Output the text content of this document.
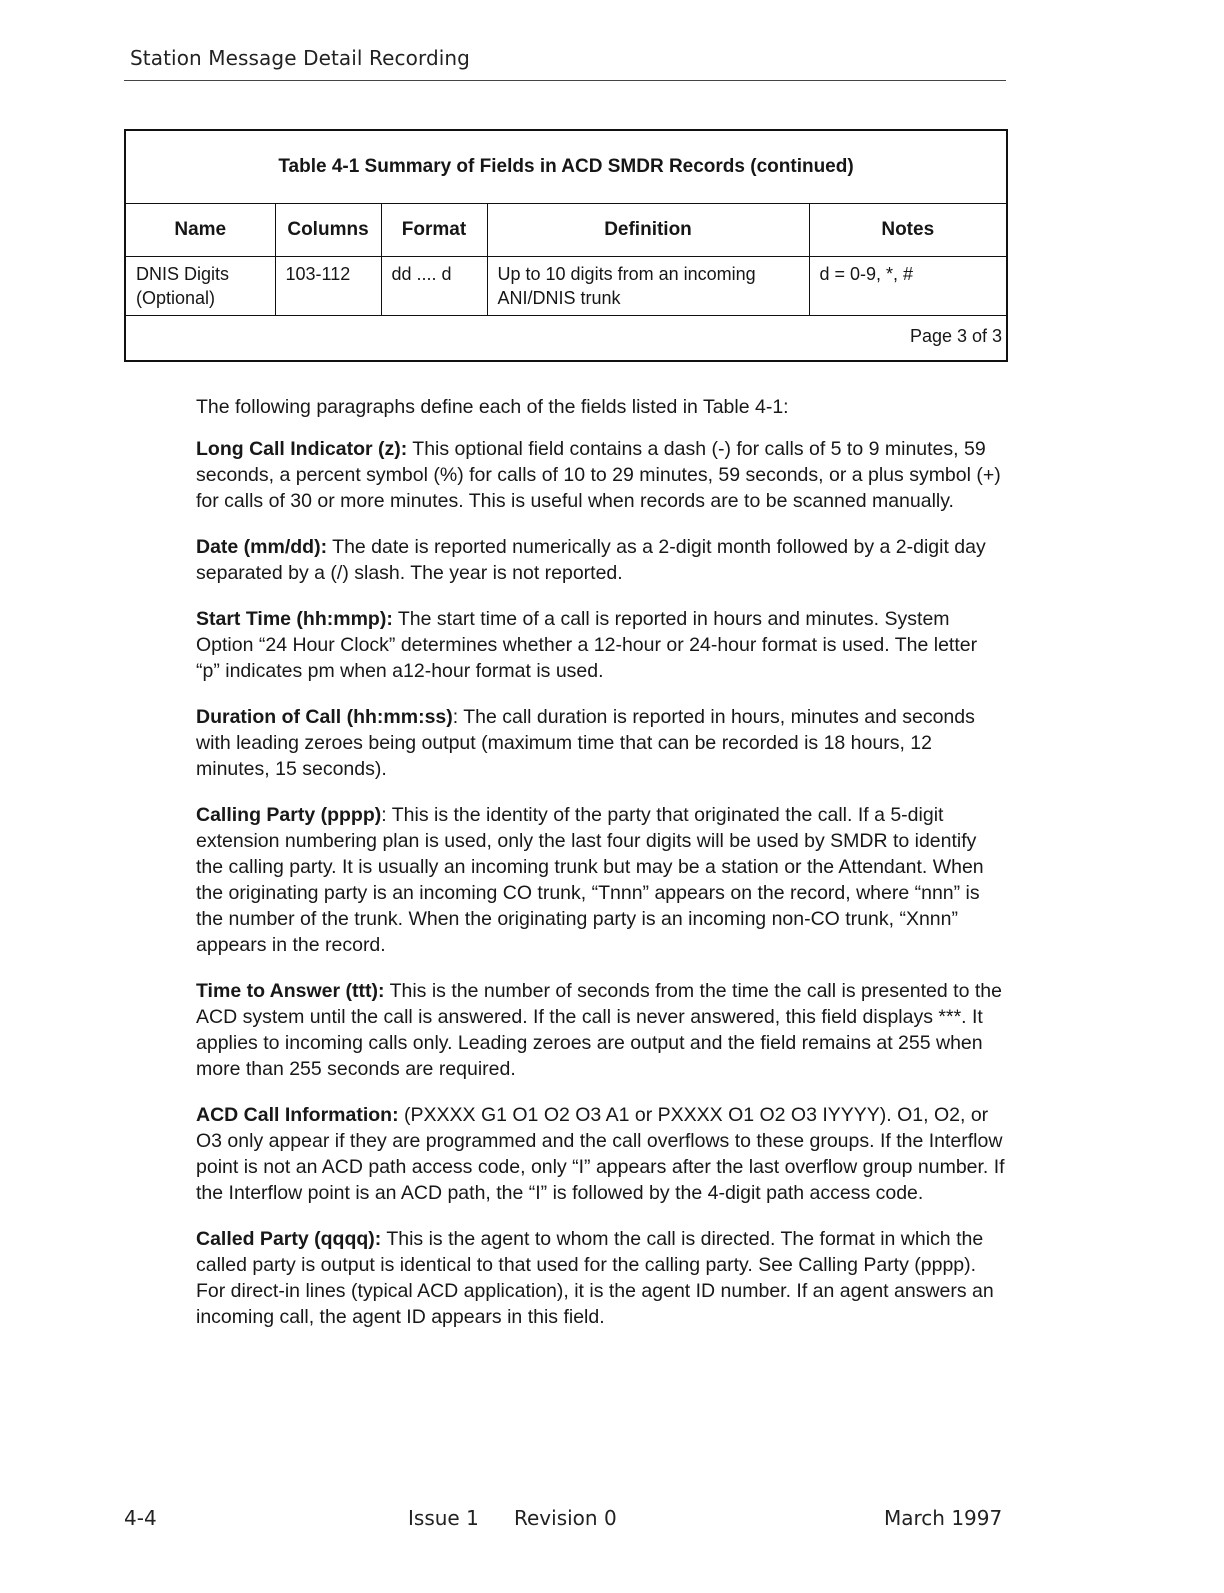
Station Message Detail Recording
Table 4-1 Summary of Fields in ACD SMDR Records (continued)				
Name	Columns	Format	Definition	Notes
DNIS Digits (Optional)	103-112	dd .... d	Up to 10 digits from an incoming ANI/DNIS trunk	d = 0-9, *, #
Page 3 of 3				

The following paragraphs define each of the fields listed in Table 4-1:

Long Call Indicator (z): This optional field contains a dash (-) for calls of 5 to 9 minutes, 59 seconds, a percent symbol (%) for calls of 10 to 29 minutes, 59 seconds, or a plus symbol (+) for calls of 30 or more minutes. This is useful when records are to be scanned manually.

Date (mm/dd): The date is reported numerically as a 2-digit month followed by a 2-digit day separated by a (/) slash. The year is not reported.

Start Time (hh:mmp): The start time of a call is reported in hours and minutes. System Option “24 Hour Clock” determines whether a 12-hour or 24-hour format is used. The letter “p” indicates pm when a12-hour format is used.

Duration of Call (hh:mm:ss): The call duration is reported in hours, minutes and seconds with leading zeroes being output (maximum time that can be recorded is 18 hours, 12 minutes, 15 seconds).

Calling Party (pppp): This is the identity of the party that originated the call. If a 5-digit extension numbering plan is used, only the last four digits will be used by SMDR to identify the calling party. It is usually an incoming trunk but may be a station or the Attendant. When the originating party is an incoming CO trunk, “Tnnn” appears on the record, where “nnn” is the number of the trunk. When the originating party is an incoming non-CO trunk, “Xnnn” appears in the record.

Time to Answer (ttt): This is the number of seconds from the time the call is presented to the ACD system until the call is answered. If the call is never answered, this field displays ***. It applies to incoming calls only. Leading zeroes are output and the field remains at 255 when more than 255 seconds are required.

ACD Call Information: (PXXXX G1 O1 O2 O3 A1 or PXXXX O1 O2 O3 IYYYY). O1, O2, or O3 only appear if they are programmed and the call overflows to these groups. If the Interflow point is not an ACD path access code, only “I” appears after the last overflow group number. If the Interflow point is an ACD path, the “I” is followed by the 4-digit path access code.

Called Party (qqqq): This is the agent to whom the call is directed. The format in which the called party is output is identical to that used for the calling party. See Calling Party (pppp). For direct-in lines (typical ACD application), it is the agent ID number. If an agent answers an incoming call, the agent ID appears in this field.

4-4	Issue 1 Revision 0	March 1997
